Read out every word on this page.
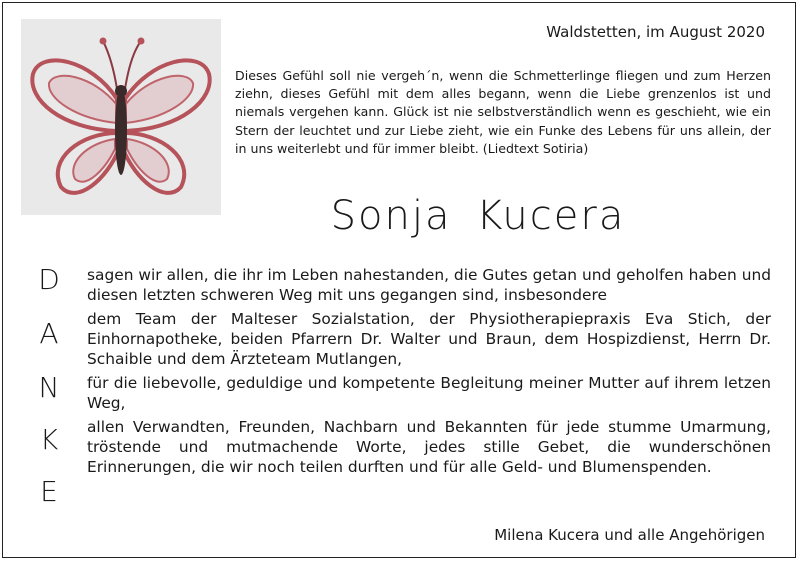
Waldstetten, im August 2020
Dieses Gefühl soll nie vergeh´n, wenn die Schmetterlinge fliegen und zum Herzen ziehn, dieses Gefühl mit dem alles begann, wenn die Liebe grenzenlos ist und niemals vergehen kann. Glück ist nie selbstverständlich wenn es geschieht, wie ein Stern der leuchtet und zur Liebe zieht, wie ein Funke des Lebens für uns allein, der in uns weiterlebt und für immer bleibt. (Liedtext Sotiria)
Sonja Kucera
D
A
N
K
E

sagen wir allen, die ihr im Leben nahestanden, die Gutes getan und geholfen haben und diesen letzten schweren Weg mit uns gegangen sind, insbesondere

dem Team der Malteser Sozialstation, der Physiotherapiepraxis Eva Stich, der Einhornapotheke, beiden Pfarrern Dr. Walter und Braun, dem Hospizdienst, Herrn Dr. Schaible und dem Ärzteteam Mutlangen,

für die liebevolle, geduldige und kompetente Begleitung meiner Mutter auf ihrem letzen Weg,

allen Verwandten, Freunden, Nachbarn und Bekannten für jede stumme Umarmung, tröstende und mutmachende Worte, jedes stille Gebet, die wunderschönen Erinnerungen, die wir noch teilen durften und für alle Geld- und Blumenspenden.

Milena Kucera und alle Angehörigen
